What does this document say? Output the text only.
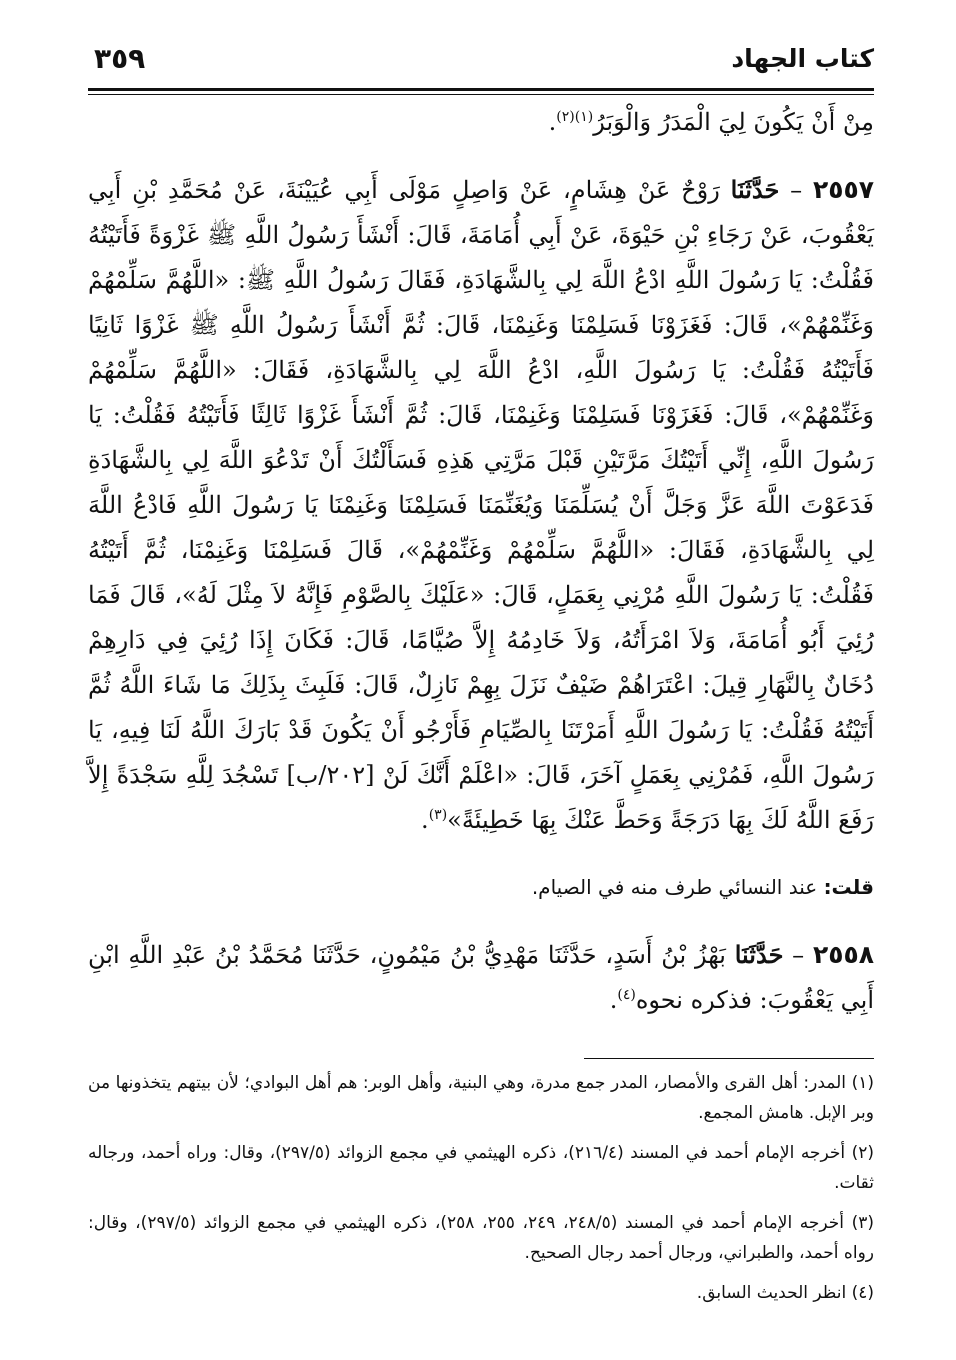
كتاب الجهاد
٣٥٩

مِنْ أَنْ يَكُونَ لِيَ الْمَدَرُ وَالْوَبَرُ$^{(١)(٢)}$.

٢٥٥٧ – حَدَّثَنَا رَوْحٌ عَنْ هِشَامٍ، عَنْ وَاصِلٍ مَوْلَى أَبِي عُيَيْنَةَ، عَنْ مُحَمَّدِ بْنِ أَبِي يَعْقُوبَ، عَنْ رَجَاءِ بْنِ حَيْوَةَ، عَنْ أَبِي أُمَامَةَ، قَالَ: أَنْشَأَ رَسُولُ اللَّهِ ﷺ غَزْوَةً فَأَتَيْتُهُ فَقُلْتُ: يَا رَسُولَ اللَّهِ ادْعُ اللَّهَ لِي بِالشَّهَادَةِ، فَقَالَ رَسُولُ اللَّهِ ﷺ: «اللَّهُمَّ سَلِّمْهُمْ وَغَنِّمْهُمْ»، قَالَ: فَغَزَوْنَا فَسَلِمْنَا وَغَنِمْنَا، قَالَ: ثُمَّ أَنْشَأَ رَسُولُ اللَّهِ ﷺ غَزْوًا ثَانِيًا فَأَتَيْتُهُ فَقُلْتُ: يَا رَسُولَ اللَّهِ، ادْعُ اللَّهَ لِي بِالشَّهَادَةِ، فَقَالَ: «اللَّهُمَّ سَلِّمْهُمْ وَغَنِّمْهُمْ»، قَالَ: فَغَزَوْنَا فَسَلِمْنَا وَغَنِمْنَا، قَالَ: ثُمَّ أَنْشَأَ غَزْوًا ثَالِثًا فَأَتَيْتُهُ فَقُلْتُ: يَا رَسُولَ اللَّهِ، إِنِّي أَتَيْتُكَ مَرَّتَيْنِ قَبْلَ مَرَّتِي هَذِهِ فَسَأَلْتُكَ أَنْ تَدْعُوَ اللَّهَ لِي بِالشَّهَادَةِ فَدَعَوْتَ اللَّهَ عَزَّ وَجَلَّ أَنْ يُسَلِّمَنَا وَيُغَنِّمَنَا فَسَلِمْنَا وَغَنِمْنَا يَا رَسُولَ اللَّهِ فَادْعُ اللَّهَ لِي بِالشَّهَادَةِ، فَقَالَ: «اللَّهُمَّ سَلِّمْهُمْ وَغَنِّمْهُمْ»، قَالَ فَسَلِمْنَا وَغَنِمْنَا، ثُمَّ أَتَيْتُهُ فَقُلْتُ: يَا رَسُولَ اللَّهِ مُرْنِي بِعَمَلٍ، قَالَ: «عَلَيْكَ بِالصَّوْمِ فَإِنَّهُ لاَ مِثْلَ لَهُ»، قَالَ فَمَا رُئِيَ أَبُو أُمَامَةَ، وَلاَ امْرَأَتُهُ، وَلاَ خَادِمُهُ إِلاَّ صُيَّامًا، قَالَ: فَكَانَ إِذَا رُئِيَ فِي دَارِهِمْ دُخَانٌ بِالنَّهَارِ قِيلَ: اعْتَرَاهُمْ ضَيْفٌ نَزَلَ بِهِمْ نَازِلٌ، قَالَ: فَلَبِثَ بِذَلِكَ مَا شَاءَ اللَّهُ ثُمَّ أَتَيْتُهُ فَقُلْتُ: يَا رَسُولَ اللَّهِ أَمَرْتَنَا بِالصِّيَامِ فَأَرْجُو أَنْ يَكُونَ قَدْ بَارَكَ اللَّهُ لَنَا فِيهِ، يَا رَسُولَ اللَّهِ، فَمُرْنِي بِعَمَلٍ آخَرَ، قَالَ: «اعْلَمْ أَنَّكَ لَنْ [٢٠٢/ب] تَسْجُدَ لِلَّهِ سَجْدَةً إِلاَّ رَفَعَ اللَّهُ لَكَ بِهَا دَرَجَةً وَحَطَّ عَنْكَ بِهَا خَطِيئَةً»$^{(٣)}$.

قلت: عند النسائي طرف منه في الصيام.

٢٥٥٨ – حَدَّثَنَا بَهْزُ بْنُ أَسَدٍ، حَدَّثَنَا مَهْدِيُّ بْنُ مَيْمُونٍ، حَدَّثَنَا مُحَمَّدُ بْنُ عَبْدِ اللَّهِ ابْنِ أَبِي يَعْقُوبَ: فذكره نحوه$^{(٤)}$.

(١) المدر: أهل القرى والأمصار، المدر جمع مدرة، وهي البنية، وأهل الوبر: هم أهل البوادي؛ لأن بيتهم يتخذونها من وبر الإبل. هامش المجمع.

(٢) أخرجه الإمام أحمد في المسند (٢١٦/٤)، ذكره الهيثمي في مجمع الزوائد (٢٩٧/٥)، وقال: وراه أحمد، ورجاله ثقات.

(٣) أخرجه الإمام أحمد في المسند (٢٤٨/٥، ٢٤٩، ٢٥٥، ٢٥٨)، ذكره الهيثمي في مجمع الزوائد (٢٩٧/٥)، وقال: رواه أحمد، والطبراني، ورجال أحمد رجال الصحيح.

(٤) انظر الحديث السابق.
